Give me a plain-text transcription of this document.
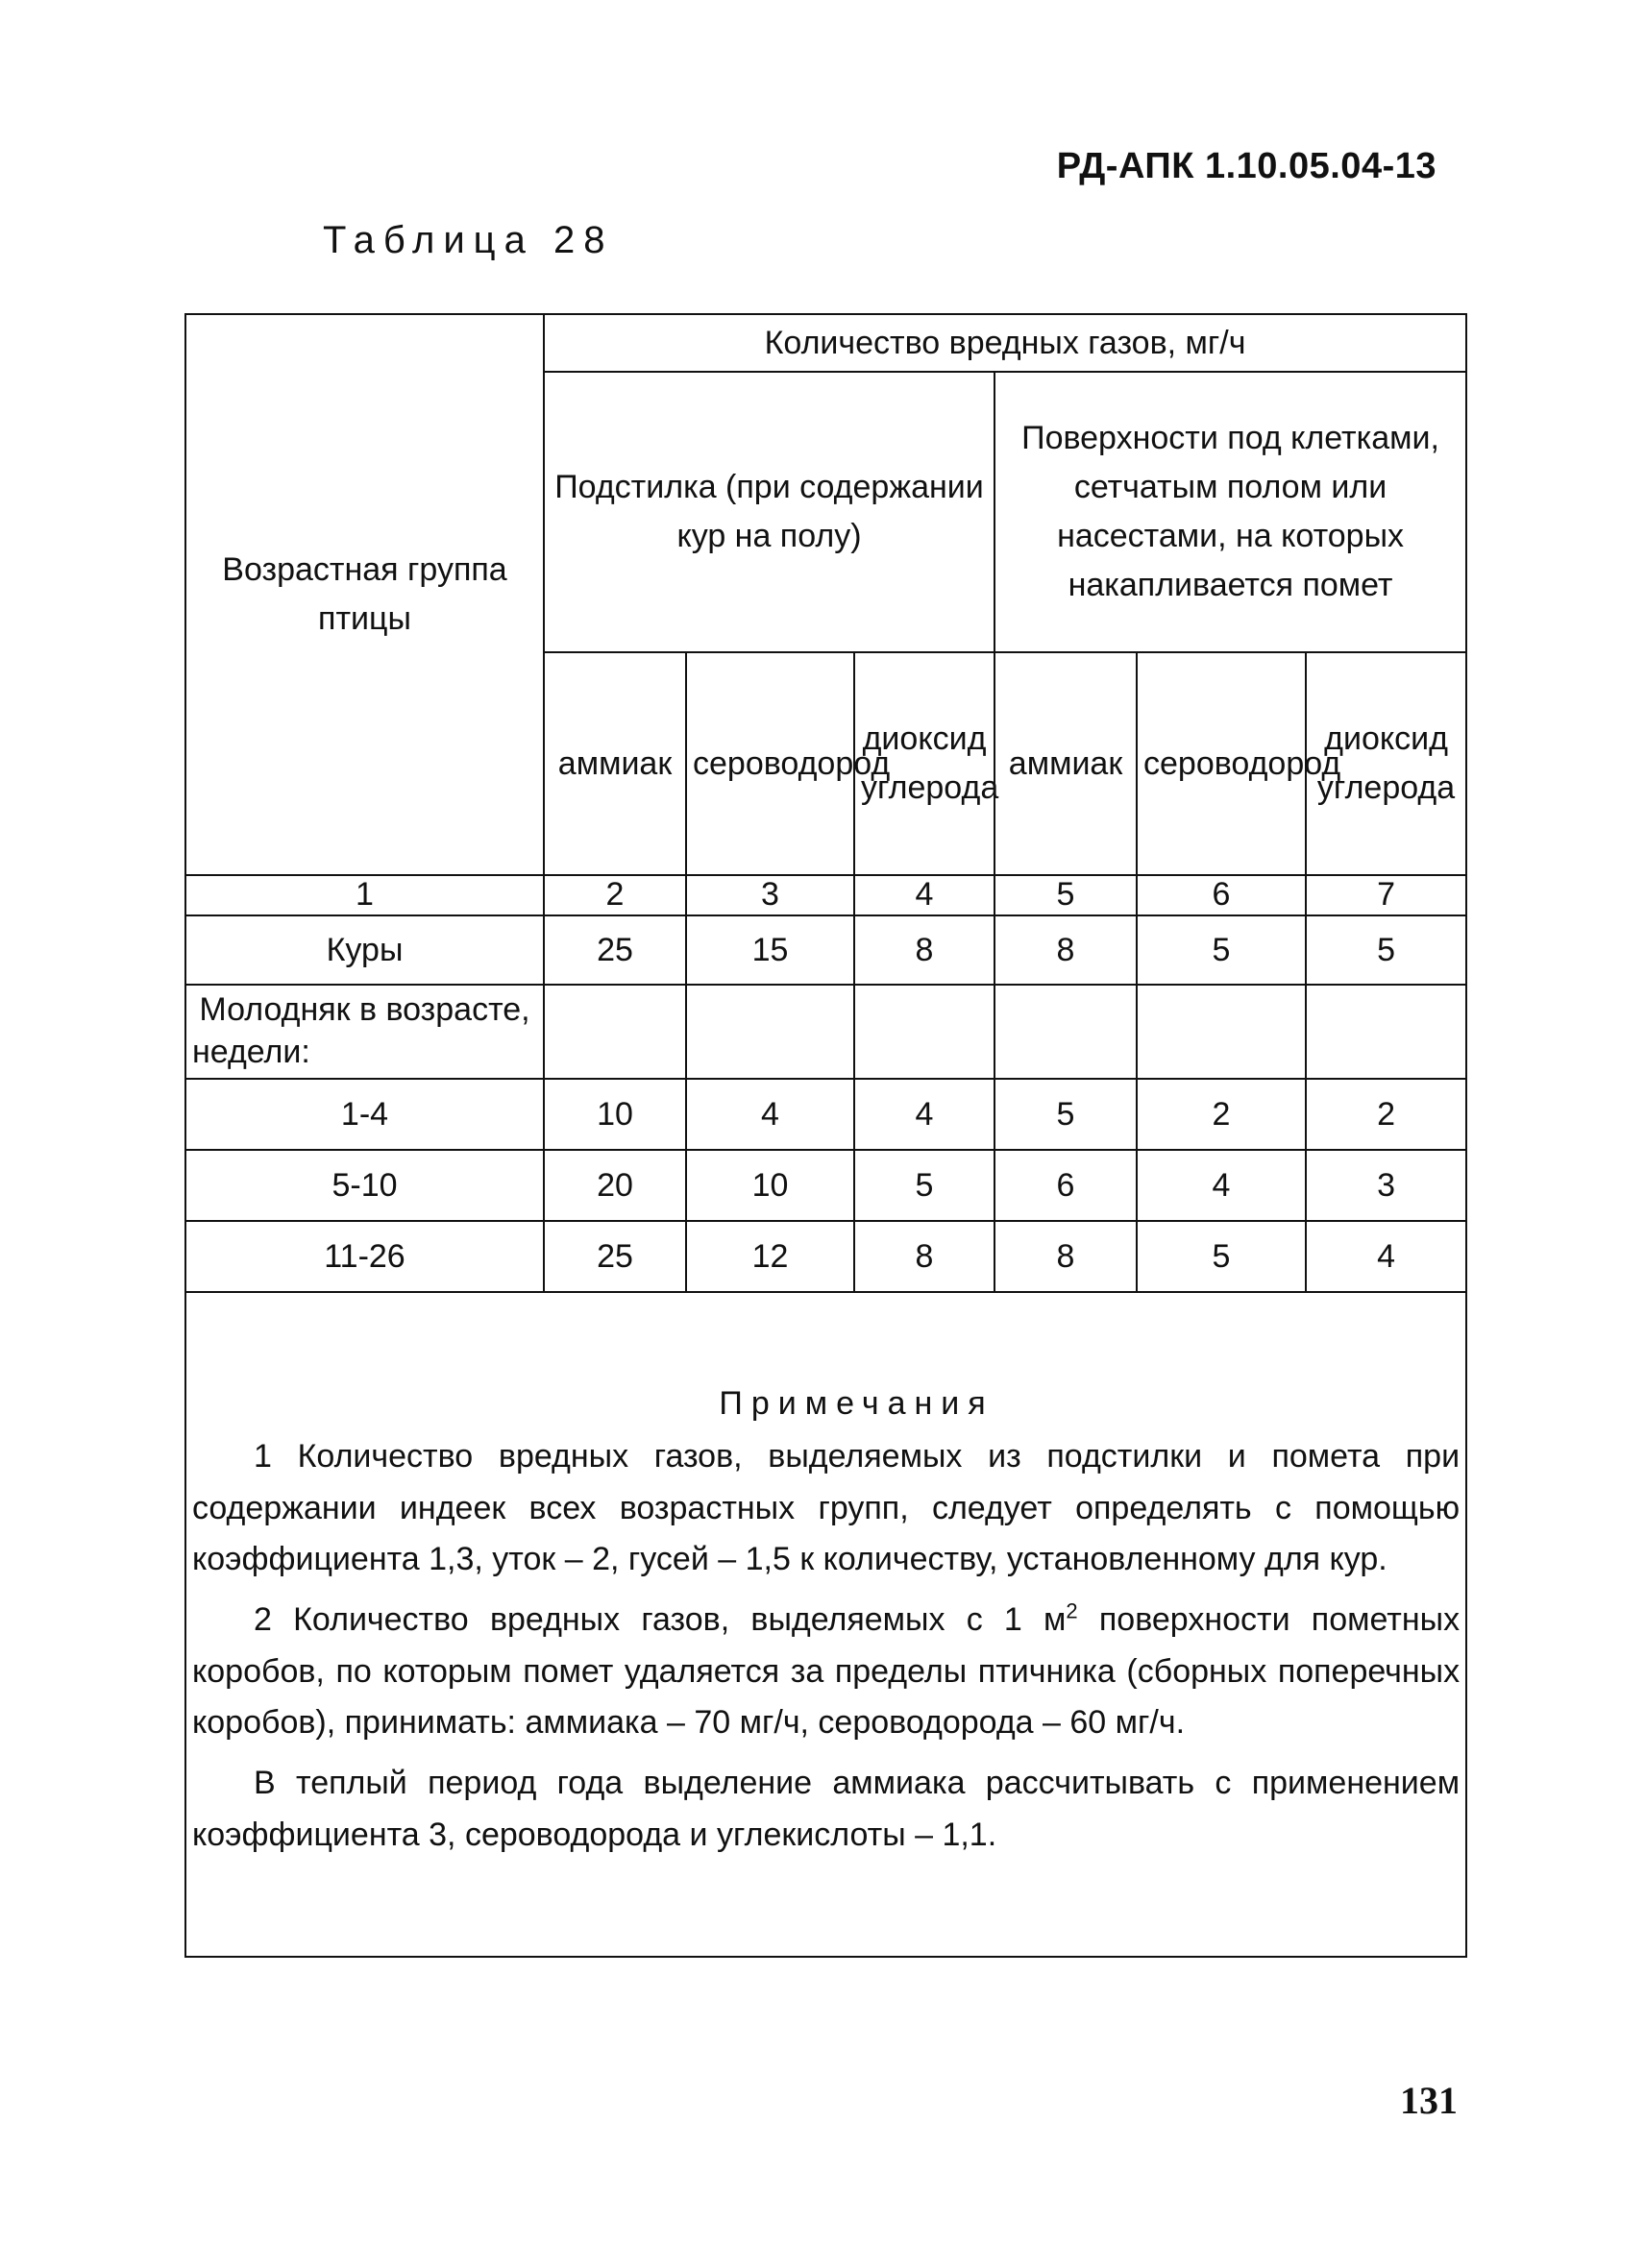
РД-АПК 1.10.05.04-13

Таблица 28

Возрастная группа птицы	Количество вредных газов, мг/ч					
	Подстилка (при содержании кур на полу)			Поверхности под клетками, сетчатым полом или насестами, на которых накапливается помет		
	аммиак	сероводород	диоксид углерода	аммиак	сероводород	диоксид углерода
1	2	3	4	5	6	7
Куры	25	15	8	8	5	5
Молодняк в возрасте, недели:						
1-4	10	4	4	5	2	2
5-10	20	10	5	6	4	3
11-26	25	12	8	8	5	4

Примечания

1 Количество вредных газов, выделяемых из подстилки и помета при содержании индеек всех возрастных групп, следует определять с помощью коэффициента 1,3, уток – 2, гусей – 1,5 к количеству, установленному для кур.

2 Количество вредных газов, выделяемых с 1 $м^2$ поверхности пометных коробов, по которым помет удаляется за пределы птичника (сборных поперечных коробов), принимать: аммиака – 70 мг/ч, сероводорода – 60 мг/ч.

В теплый период года выделение аммиака рассчитывать с применением коэффициента 3, сероводорода и углекислоты – 1,1.						

131
